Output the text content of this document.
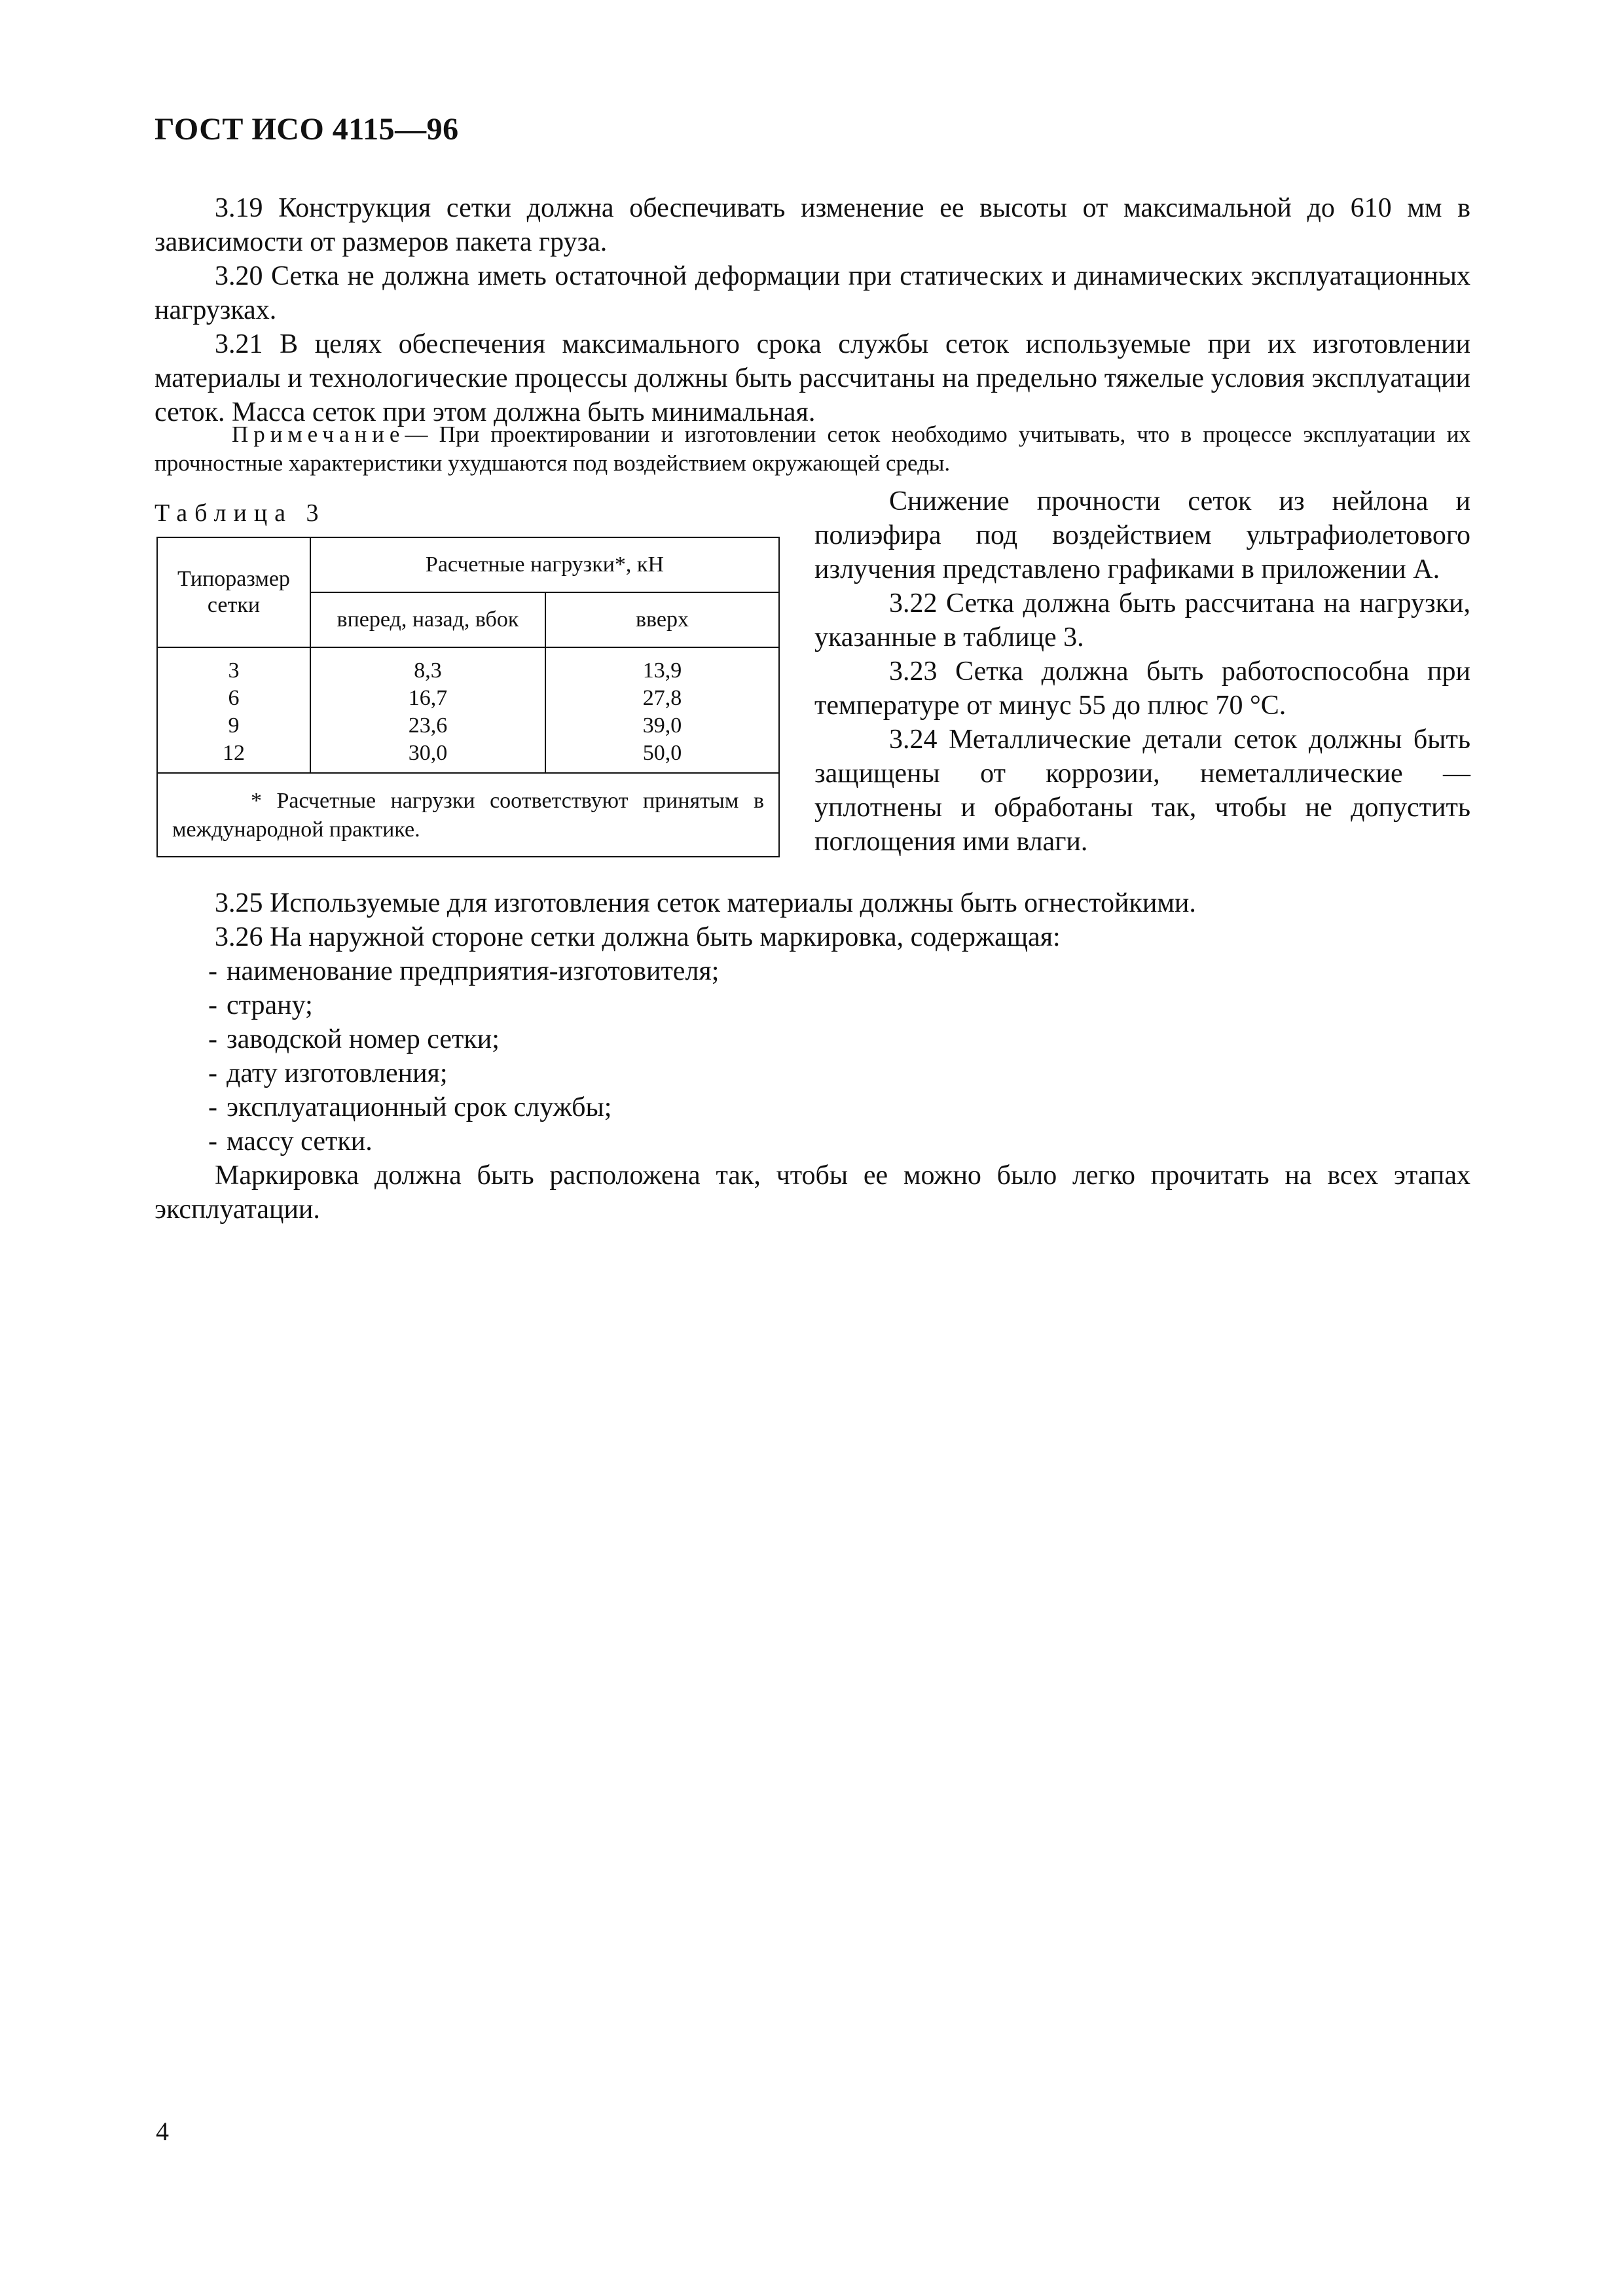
ГОСТ ИСО 4115—96
3.19 Конструкция сетки должна обеспечивать изменение ее высоты от максимальной до 610 мм в зависимости от размеров пакета груза.
3.20 Сетка не должна иметь остаточной деформации при статических и динамических эксплуатационных нагрузках.
3.21 В целях обеспечения максимального срока службы сеток используемые при их изготовлении материалы и технологические процессы должны быть рассчитаны на предельно тяжелые условия эксплуатации сеток. Масса сеток при этом должна быть минимальная.
Примечание— При проектировании и изготовлении сеток необходимо учитывать, что в процессе эксплуатации их прочностные характеристики ухудшаются под воздействием окружающей среды.
Таблица 3
Типоразмер сетки	Расчетные нагрузки*, кН	
	вперед, назад, вбок	вверх
3	8,3	13,9
6	16,7	27,8
9	23,6	39,0
12	30,0	50,0
* Расчетные нагрузки соответствуют принятым в международной практике.		

Снижение прочности сеток из нейлона и полиэфира под воздействием ультрафиолетового излучения представлено графиками в приложении А.

3.22 Сетка должна быть рассчитана на нагрузки, указанные в таблице 3.

3.23 Сетка должна быть работоспособна при температуре от минус 55 до плюс 70 °С.

3.24 Металлические детали сеток должны быть защищены от коррозии, неметаллические — уплотнены и обработаны так, чтобы не допустить поглощения ими влаги.

3.25 Используемые для изготовления сеток материалы должны быть огнестойкими.
3.26 На наружной стороне сетки должна быть маркировка, содержащая:
- наименование предприятия-изготовителя;
- страну;
- заводской номер сетки;
- дату изготовления;
- эксплуатационный срок службы;
- массу сетки.
Маркировка должна быть расположена так, чтобы ее можно было легко прочитать на всех этапах эксплуатации.
4
